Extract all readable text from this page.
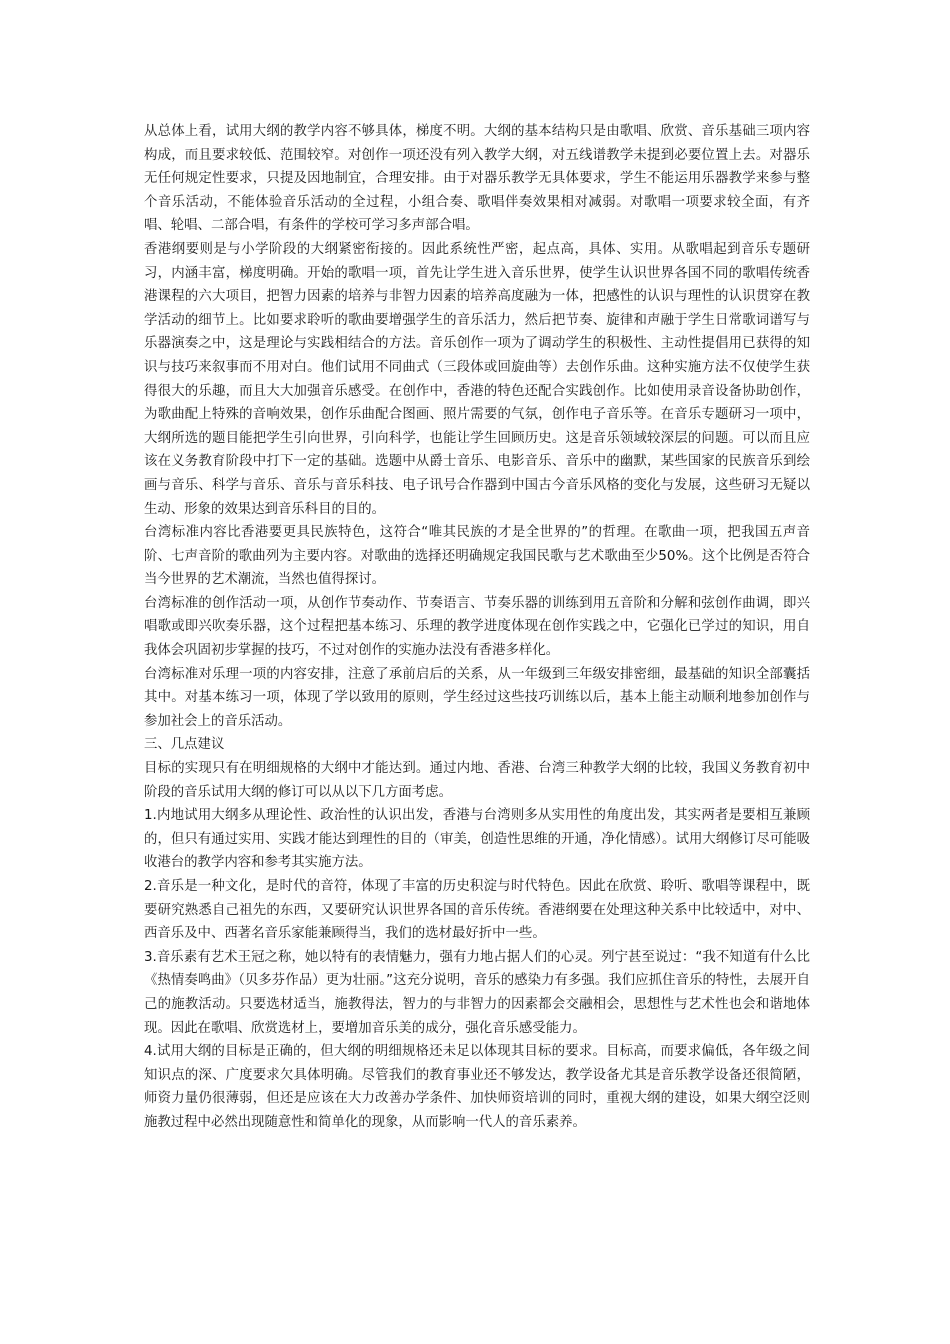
从总体上看，试用大纲的教学内容不够具体，梯度不明。大纲的基本结构只是由歌唱、欣赏、音乐基础三项内容构成，而且要求较低、范围较窄。对创作一项还没有列入教学大纲，对五线谱教学未提到必要位置上去。对器乐无任何规定性要求，只提及因地制宜，合理安排。由于对器乐教学无具体要求，学生不能运用乐器教学来参与整个音乐活动，不能体验音乐活动的全过程，小组合奏、歌唱伴奏效果相对减弱。对歌唱一项要求较全面，有齐唱、轮唱、二部合唱，有条件的学校可学习多声部合唱。

香港纲要则是与小学阶段的大纲紧密衔接的。因此系统性严密，起点高，具体、实用。从歌唱起到音乐专题研习，内涵丰富，梯度明确。开始的歌唱一项，首先让学生进入音乐世界，使学生认识世界各国不同的歌唱传统香港课程的六大项目，把智力因素的培养与非智力因素的培养高度融为一体，把感性的认识与理性的认识贯穿在教学活动的细节上。比如要求聆听的歌曲要增强学生的音乐活力，然后把节奏、旋律和声融于学生日常歌词谱写与乐器演奏之中，这是理论与实践相结合的方法。音乐创作一项为了调动学生的积极性、主动性提倡用已获得的知识与技巧来叙事而不用对白。他们试用不同曲式（三段体或回旋曲等）去创作乐曲。这种实施方法不仅使学生获得很大的乐趣，而且大大加强音乐感受。在创作中，香港的特色还配合实践创作。比如使用录音设备协助创作，为歌曲配上特殊的音响效果，创作乐曲配合图画、照片需要的气氛，创作电子音乐等。在音乐专题研习一项中，大纲所选的题目能把学生引向世界，引向科学，也能让学生回顾历史。这是音乐领域较深层的问题。可以而且应该在义务教育阶段中打下一定的基础。选题中从爵士音乐、电影音乐、音乐中的幽默，某些国家的民族音乐到绘画与音乐、科学与音乐、音乐与音乐科技、电子讯号合作器到中国古今音乐风格的变化与发展，这些研习无疑以生动、形象的效果达到音乐科目的目的。

台湾标准内容比香港要更具民族特色，这符合“唯其民族的才是全世界的”的哲理。在歌曲一项，把我国五声音阶、七声音阶的歌曲列为主要内容。对歌曲的选择还明确规定我国民歌与艺术歌曲至少50%。这个比例是否符合当今世界的艺术潮流，当然也值得探讨。

台湾标准的创作活动一项，从创作节奏动作、节奏语言、节奏乐器的训练到用五音阶和分解和弦创作曲调，即兴唱歌或即兴吹奏乐器，这个过程把基本练习、乐理的教学进度体现在创作实践之中，它强化已学过的知识，用自我体会巩固初步掌握的技巧，不过对创作的实施办法没有香港多样化。

台湾标准对乐理一项的内容安排，注意了承前启后的关系，从一年级到三年级安排密细，最基础的知识全部囊括其中。对基本练习一项，体现了学以致用的原则，学生经过这些技巧训练以后，基本上能主动顺利地参加创作与参加社会上的音乐活动。

三、几点建议

目标的实现只有在明细规格的大纲中才能达到。通过内地、香港、台湾三种教学大纲的比较，我国义务教育初中阶段的音乐试用大纲的修订可以从以下几方面考虑。

1.内地试用大纲多从理论性、政治性的认识出发，香港与台湾则多从实用性的角度出发，其实两者是要相互兼顾的，但只有通过实用、实践才能达到理性的目的（审美，创造性思维的开通，净化情感）。试用大纲修订尽可能吸收港台的教学内容和参考其实施方法。

2.音乐是一种文化，是时代的音符，体现了丰富的历史积淀与时代特色。因此在欣赏、聆听、歌唱等课程中，既要研究熟悉自己祖先的东西，又要研究认识世界各国的音乐传统。香港纲要在处理这种关系中比较适中，对中、西音乐及中、西著名音乐家能兼顾得当，我们的选材最好折中一些。

3.音乐素有艺术王冠之称，她以特有的表情魅力，强有力地占据人们的心灵。列宁甚至说过：“我不知道有什么比《热情奏鸣曲》（贝多芬作品）更为壮丽。”这充分说明，音乐的感染力有多强。我们应抓住音乐的特性，去展开自己的施教活动。只要选材适当，施教得法，智力的与非智力的因素都会交融相会，思想性与艺术性也会和谐地体现。因此在歌唱、欣赏选材上，要增加音乐美的成分，强化音乐感受能力。

4.试用大纲的目标是正确的，但大纲的明细规格还未足以体现其目标的要求。目标高，而要求偏低，各年级之间知识点的深、广度要求欠具体明确。尽管我们的教育事业还不够发达，教学设备尤其是音乐教学设备还很简陋，师资力量仍很薄弱，但还是应该在大力改善办学条件、加快师资培训的同时，重视大纲的建设，如果大纲空泛则施教过程中必然出现随意性和简单化的现象，从而影响一代人的音乐素养。
